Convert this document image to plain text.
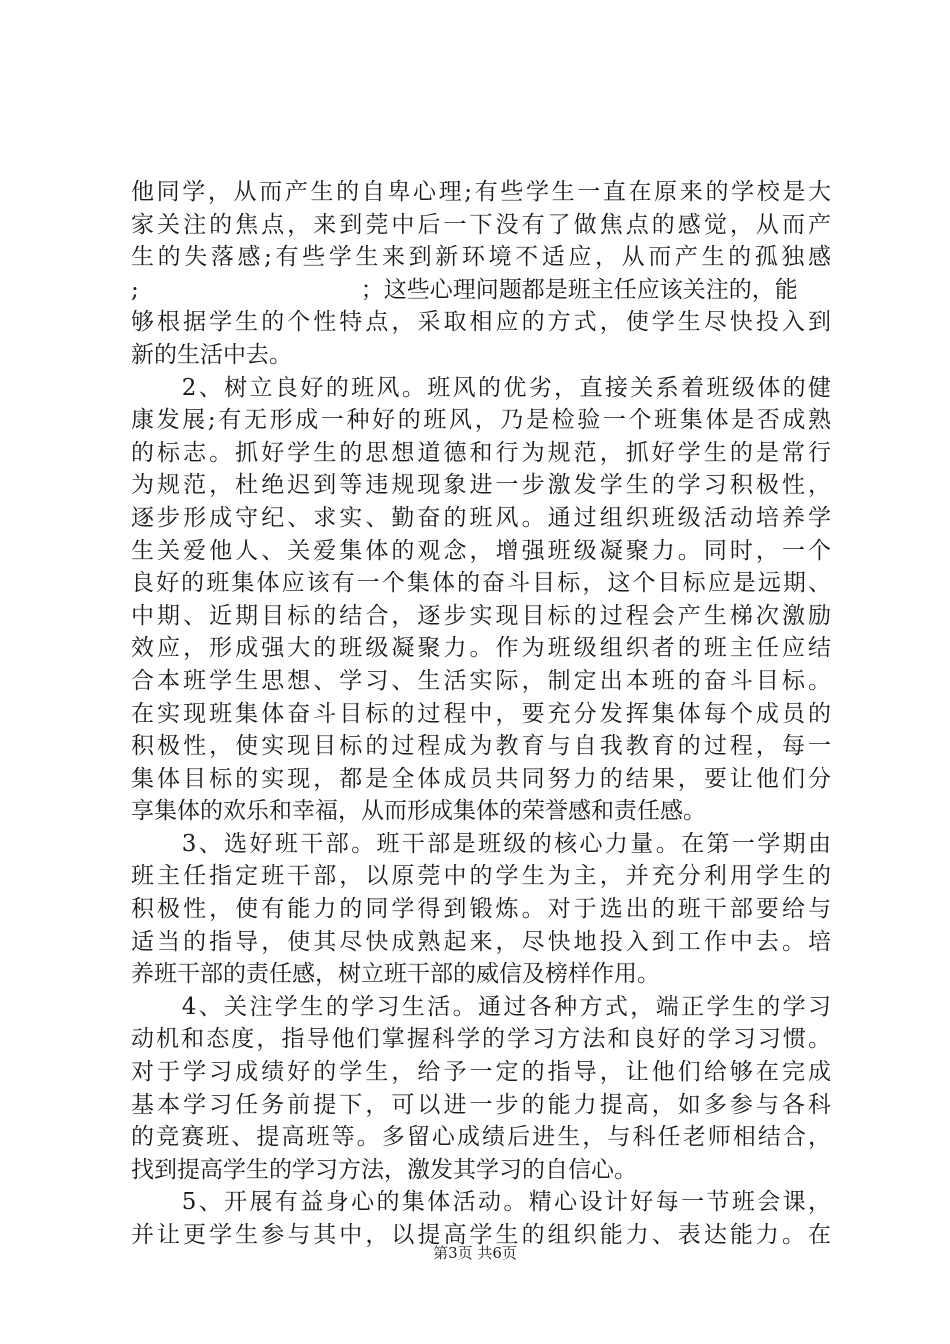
他同学，从而产生的自卑心理;有些学生一直在原来的学校是大
家关注的焦点，来到莞中后一下没有了做焦点的感觉，从而产
生的失落感;有些学生来到新环境不适应，从而产生的孤独感
;	；这些心理问题都是班主任应该关注的，能
够根据学生的个性特点，采取相应的方式，使学生尽快投入到
新的生活中去。
　　2、树立良好的班风。班风的优劣，直接关系着班级体的健
康发展;有无形成一种好的班风，乃是检验一个班集体是否成熟
的标志。抓好学生的思想道德和行为规范，抓好学生的是常行
为规范，杜绝迟到等违规现象进一步激发学生的学习积极性，
逐步形成守纪、求实、勤奋的班风。通过组织班级活动培养学
生关爱他人、关爱集体的观念，增强班级凝聚力。同时，一个
良好的班集体应该有一个集体的奋斗目标，这个目标应是远期、
中期、近期目标的结合，逐步实现目标的过程会产生梯次激励
效应，形成强大的班级凝聚力。作为班级组织者的班主任应结
合本班学生思想、学习、生活实际，制定出本班的奋斗目标。
在实现班集体奋斗目标的过程中，要充分发挥集体每个成员的
积极性，使实现目标的过程成为教育与自我教育的过程，每一
集体目标的实现，都是全体成员共同努力的结果，要让他们分
享集体的欢乐和幸福，从而形成集体的荣誉感和责任感。
　　3、选好班干部。班干部是班级的核心力量。在第一学期由
班主任指定班干部，以原莞中的学生为主，并充分利用学生的
积极性，使有能力的同学得到锻炼。对于选出的班干部要给与
适当的指导，使其尽快成熟起来，尽快地投入到工作中去。培
养班干部的责任感，树立班干部的威信及榜样作用。
　　4、关注学生的学习生活。通过各种方式，端正学生的学习
动机和态度，指导他们掌握科学的学习方法和良好的学习习惯。
对于学习成绩好的学生，给予一定的指导，让他们给够在完成
基本学习任务前提下，可以进一步的能力提高，如多参与各科
的竞赛班、提高班等。多留心成绩后进生，与科任老师相结合，
找到提高学生的学习方法，激发其学习的自信心。
　　5、开展有益身心的集体活动。精心设计好每一节班会课，
并让更学生参与其中，以提高学生的组织能力、表达能力。在
第3页 共6页
